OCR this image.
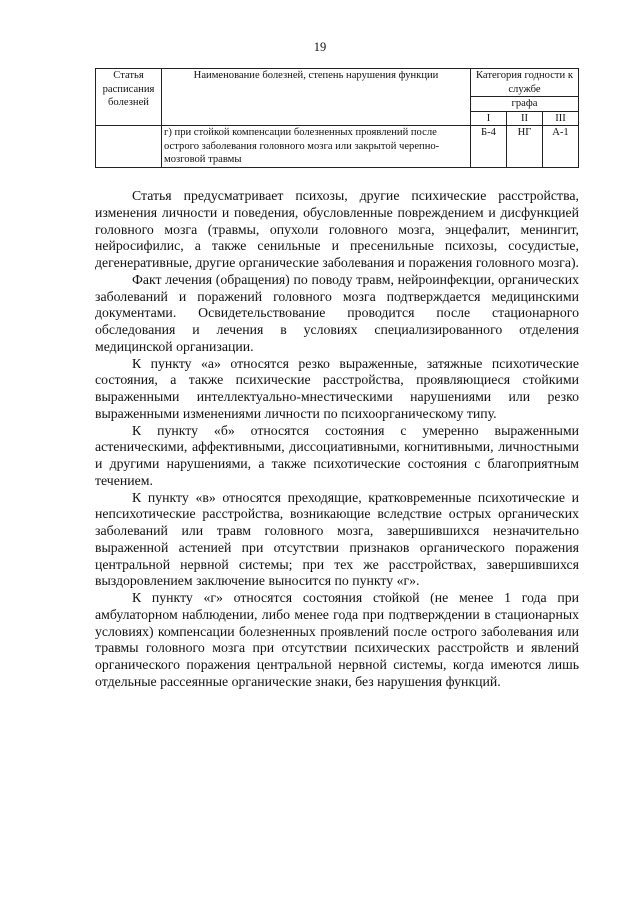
19
Статья расписания болезней	Наименование болезней, степень нарушения функции	Категория годности к службе		
		графа		
		I	II	III
	г) при стойкой компенсации болезненных проявлений после острого заболевания головного мозга или закрытой черепно-мозговой травмы	Б-4	НГ	А-1

Статья предусматривает психозы, другие психические расстройства, изменения личности и поведения, обусловленные повреждением и дисфункцией головного мозга (травмы, опухоли головного мозга, энцефалит, менингит, нейросифилис, а также сенильные и пресенильные психозы, сосудистые, дегенеративные, другие органические заболевания и поражения головного мозга).

Факт лечения (обращения) по поводу травм, нейроинфекции, органических заболеваний и поражений головного мозга подтверждается медицинскими документами. Освидетельствование проводится после стационарного обследования и лечения в условиях специализированного отделения медицинской организации.

К пункту «а» относятся резко выраженные, затяжные психотические состояния, а также психические расстройства, проявляющиеся стойкими выраженными интеллектуально-мнестическими нарушениями или резко выраженными изменениями личности по психоорганическому типу.

К пункту «б» относятся состояния с умеренно выраженными астеническими, аффективными, диссоциативными, когнитивными, личностными и другими нарушениями, а также психотические состояния с благоприятным течением.

К пункту «в» относятся преходящие, кратковременные психотические и непсихотические расстройства, возникающие вследствие острых органических заболеваний или травм головного мозга, завершившихся незначительно выраженной астенией при отсутствии признаков органического поражения центральной нервной системы; при тех же расстройствах, завершившихся выздоровлением заключение выносится по пункту «г».

К пункту «г» относятся состояния стойкой (не менее 1 года при амбулаторном наблюдении, либо менее года при подтверждении в стационарных условиях) компенсации болезненных проявлений после острого заболевания или травмы головного мозга при отсутствии психических расстройств и явлений органического поражения центральной нервной системы, когда имеются лишь отдельные рассеянные органические знаки, без нарушения функций.
